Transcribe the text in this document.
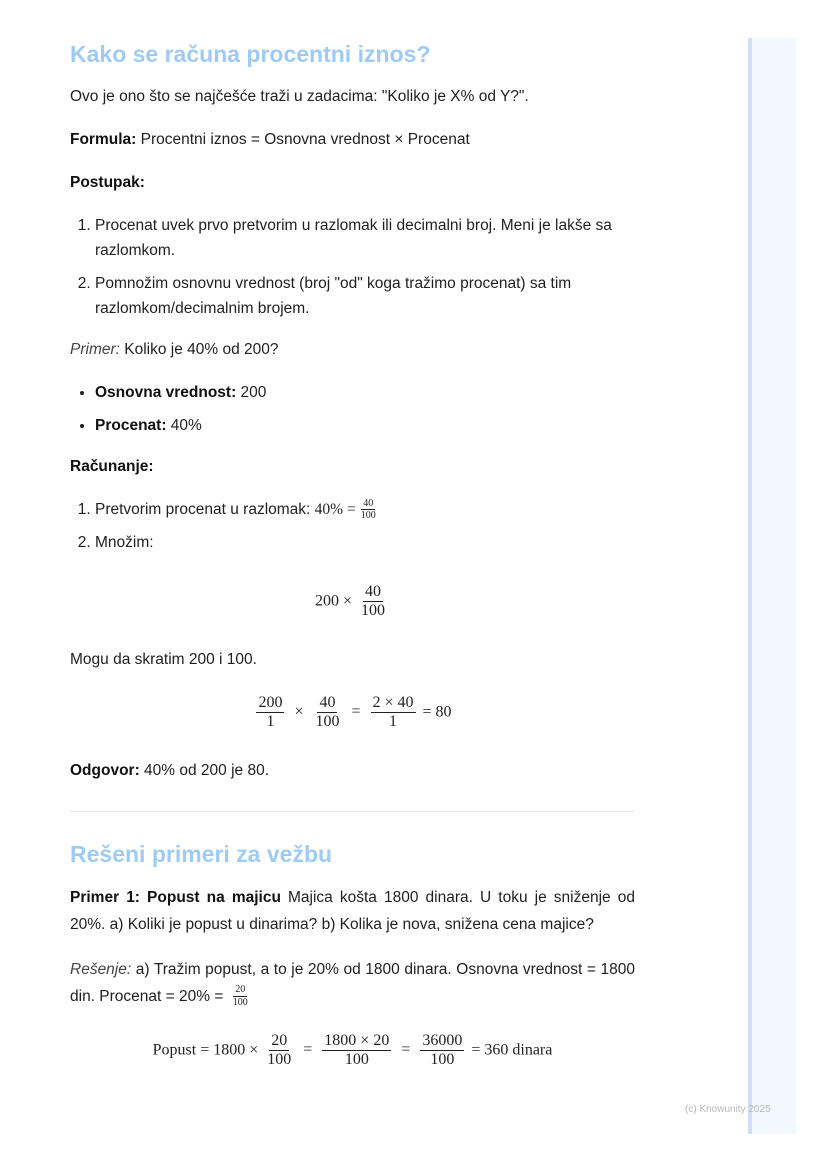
Kako se računa procentni iznos?

Ovo je ono što se najčešće traži u zadacima: "Koliko je X% od Y?".

Formula: Procentni iznos = Osnovna vrednost × Procenat

Postupak:

1. Procenat uvek prvo pretvorim u razlomak ili decimalni broj. Meni je lakše sa razlomkom.
2. Pomnožim osnovnu vrednost (broj "od" koga tražimo procenat) sa tim razlomkom/decimalnim brojem.

Primer: Koliko je 40% od 200?

• Osnovna vrednost: 200
• Procenat: 40%

Računanje:

1. Pretvorim procenat u razlomak: $40\% = \frac{40}{100}$
2. Množim:
$200 \times \frac{40}{100}$

Mogu da skratim 200 i 100.

$\frac{200}{1} \times \frac{40}{100} = \frac{2 \times 40}{1} = 80$

Odgovor: 40% od 200 je 80.

Rešeni primeri za vežbu

Primer 1: Popust na majicu Majica košta 1800 dinara. U toku je sniženje od 20%. a) Koliki je popust u dinarima? b) Kolika je nova, snižena cena majice?

Rešenje: a) Tražim popust, a to je 20% od 1800 dinara. Osnovna vrednost = 1800 din. Procenat = $20\% = \frac{20}{100}$

Popust = $1800 \times \frac{20}{100} = \frac{1800 \times 20}{100} = \frac{36000}{100} = 360$ dinara
(c) Knowunity 2025
